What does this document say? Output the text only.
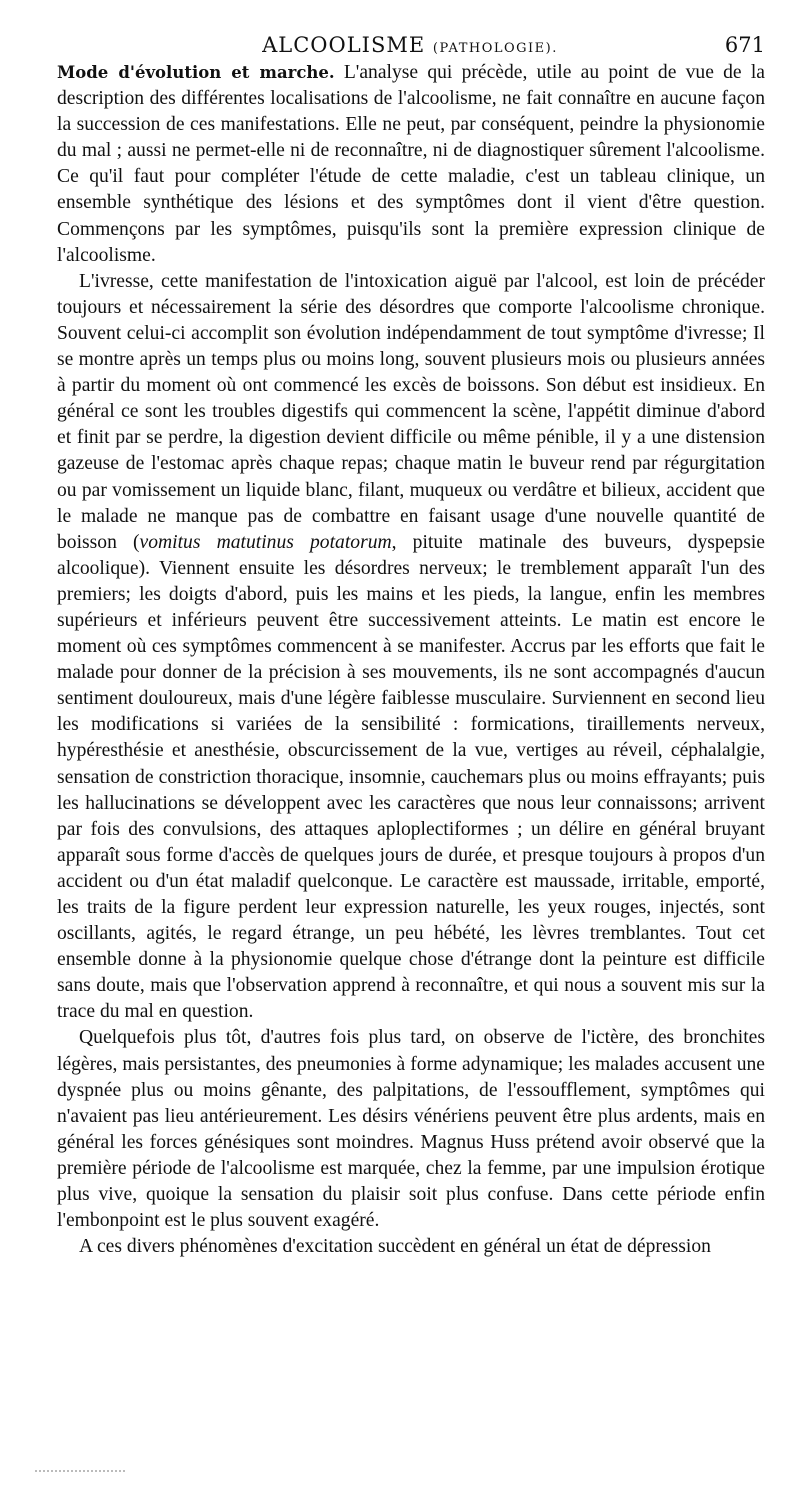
ALCOOLISME (PATHOLOGIE).	671

Mode d'évolution et marche. L'analyse qui précède, utile au point de vue de la description des différentes localisations de l'alcoolisme, ne fait connaître en aucune façon la succession de ces manifestations. Elle ne peut, par conséquent, peindre la physionomie du mal ; aussi ne permet-elle ni de reconnaître, ni de diagnostiquer sûrement l'alcoolisme. Ce qu'il faut pour compléter l'étude de cette maladie, c'est un tableau clinique, un ensemble synthétique des lésions et des symptômes dont il vient d'être question. Commençons par les symptômes, puisqu'ils sont la première expression clinique de l'alcoolisme.

L'ivresse, cette manifestation de l'intoxication aiguë par l'alcool, est loin de précéder toujours et nécessairement la série des désordres que comporte l'alcoolisme chronique. Souvent celui-ci accomplit son évolution indépendamment de tout symptôme d'ivresse; Il se montre après un temps plus ou moins long, souvent plusieurs mois ou plusieurs années à partir du moment où ont commencé les excès de boissons. Son début est insidieux. En général ce sont les troubles digestifs qui commencent la scène, l'appétit diminue d'abord et finit par se perdre, la digestion devient difficile ou même pénible, il y a une distension gazeuse de l'estomac après chaque repas; chaque matin le buveur rend par régurgitation ou par vomissement un liquide blanc, filant, muqueux ou verdâtre et bilieux, accident que le malade ne manque pas de combattre en faisant usage d'une nouvelle quantité de boisson (vomitus matutinus potatorum, pituite matinale des buveurs, dyspepsie alcoolique). Viennent ensuite les désordres nerveux; le tremblement apparaît l'un des premiers; les doigts d'abord, puis les mains et les pieds, la langue, enfin les membres supérieurs et inférieurs peuvent être successivement atteints. Le matin est encore le moment où ces symptômes commencent à se manifester. Accrus par les efforts que fait le malade pour donner de la précision à ses mouvements, ils ne sont accompagnés d'aucun sentiment douloureux, mais d'une légère faiblesse musculaire. Surviennent en second lieu les modifications si variées de la sensibilité : formications, tiraillements nerveux, hypéresthésie et anesthésie, obscurcissement de la vue, vertiges au réveil, céphalalgie, sensation de constriction thoracique, insomnie, cauchemars plus ou moins effrayants; puis les hallucinations se développent avec les caractères que nous leur connaissons; arrivent par fois des convulsions, des attaques aploplectiformes ; un délire en général bruyant apparaît sous forme d'accès de quelques jours de durée, et presque toujours à propos d'un accident ou d'un état maladif quelconque. Le caractère est maussade, irritable, emporté, les traits de la figure perdent leur expression naturelle, les yeux rouges, injectés, sont oscillants, agités, le regard étrange, un peu hébété, les lèvres tremblantes. Tout cet ensemble donne à la physionomie quelque chose d'étrange dont la peinture est difficile sans doute, mais que l'observation apprend à reconnaître, et qui nous a souvent mis sur la trace du mal en question.

Quelquefois plus tôt, d'autres fois plus tard, on observe de l'ictère, des bronchites légères, mais persistantes, des pneumonies à forme adynamique; les malades accusent une dyspnée plus ou moins gênante, des palpitations, de l'essoufflement, symptômes qui n'avaient pas lieu antérieurement. Les désirs vénériens peuvent être plus ardents, mais en général les forces génésiques sont moindres. Magnus Huss prétend avoir observé que la première période de l'alcoolisme est marquée, chez la femme, par une impulsion érotique plus vive, quoique la sensation du plaisir soit plus confuse. Dans cette période enfin l'embonpoint est le plus souvent exagéré.

A ces divers phénomènes d'excitation succèdent en général un état de dépression
